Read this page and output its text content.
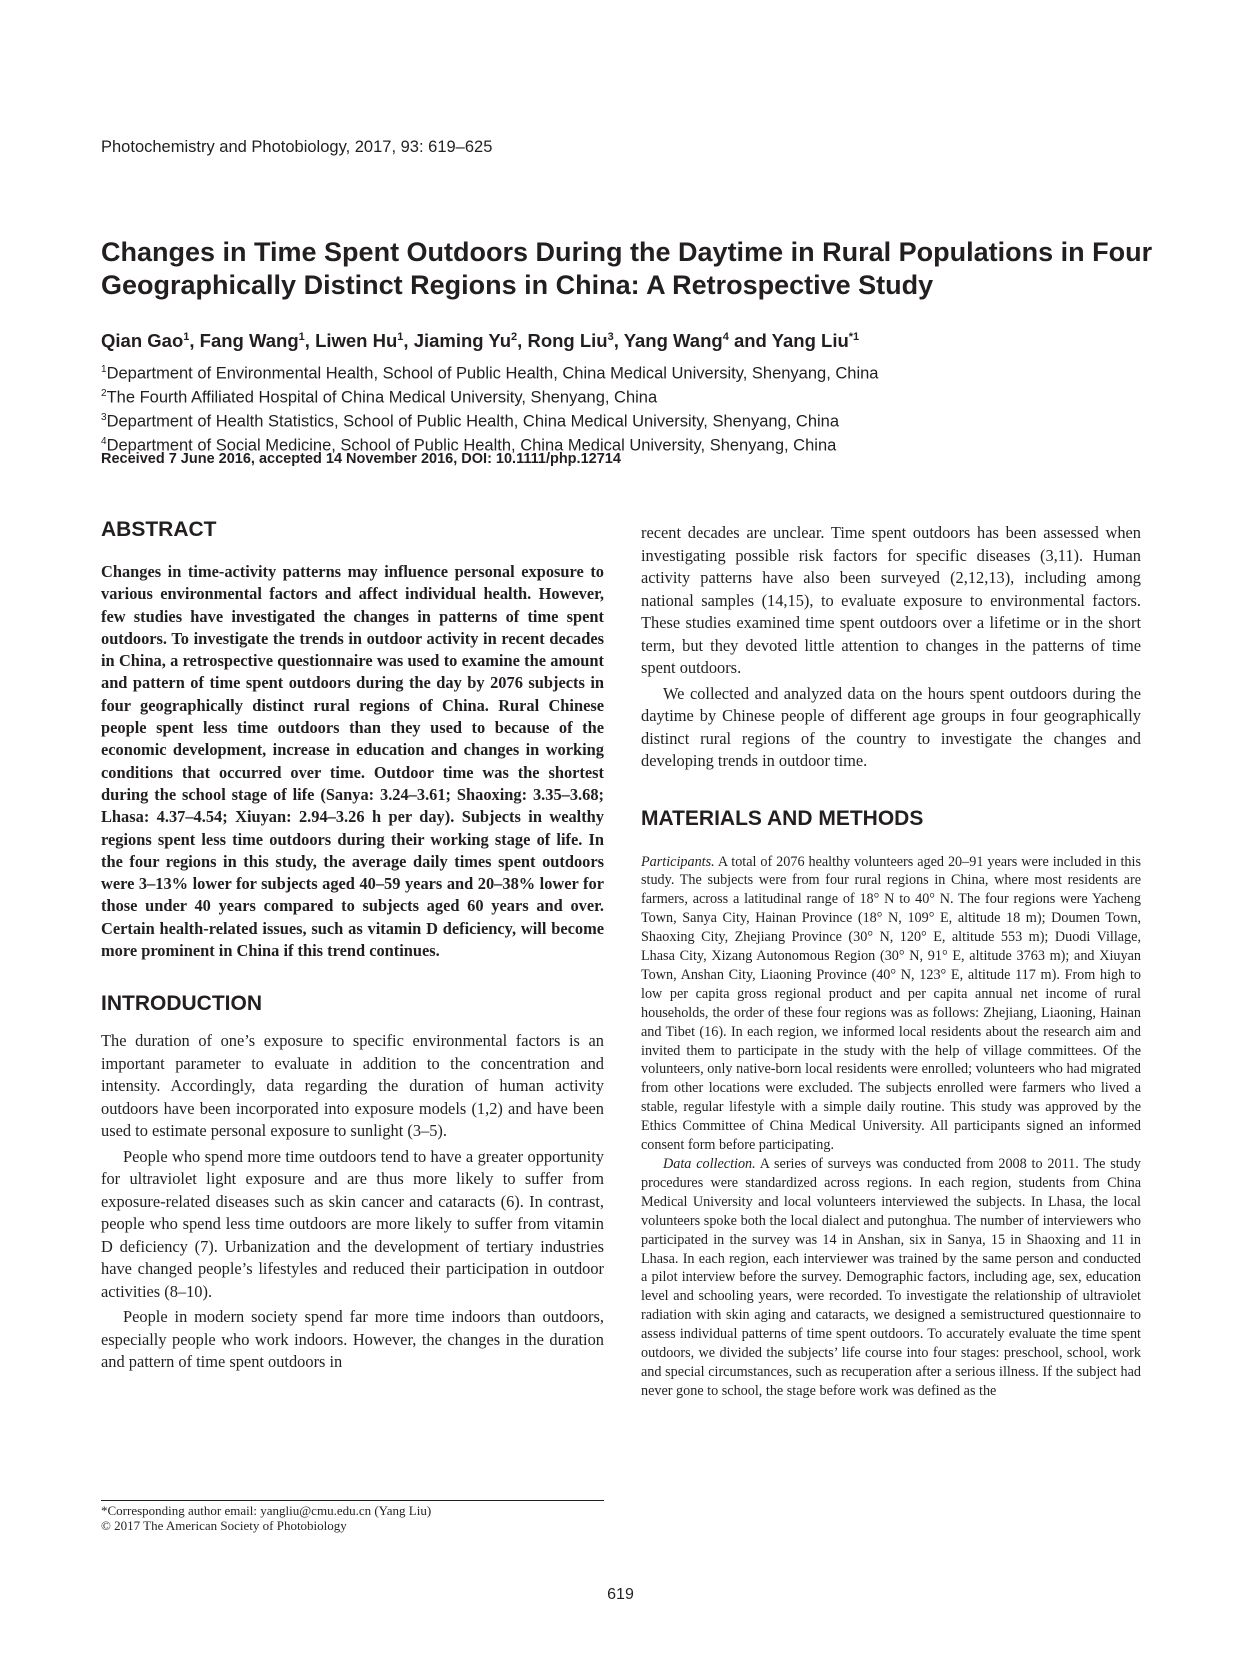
Photochemistry and Photobiology, 2017, 93: 619–625
Changes in Time Spent Outdoors During the Daytime in Rural Populations in Four Geographically Distinct Regions in China: A Retrospective Study
Qian Gao$^1$, Fang Wang$^1$, Liwen Hu$^1$, Jiaming Yu$^2$, Rong Liu$^3$, Yang Wang$^4$ and Yang Liu$^{*1}$
$^1$Department of Environmental Health, School of Public Health, China Medical University, Shenyang, China
$^2$The Fourth Affiliated Hospital of China Medical University, Shenyang, China
$^3$Department of Health Statistics, School of Public Health, China Medical University, Shenyang, China
$^4$Department of Social Medicine, School of Public Health, China Medical University, Shenyang, China
Received 7 June 2016, accepted 14 November 2016, DOI: 10.1111/php.12714
ABSTRACT

Changes in time-activity patterns may influence personal exposure to various environmental factors and affect individual health. However, few studies have investigated the changes in patterns of time spent outdoors. To investigate the trends in outdoor activity in recent decades in China, a retrospective questionnaire was used to examine the amount and pattern of time spent outdoors during the day by 2076 subjects in four geographically distinct rural regions of China. Rural Chinese people spent less time outdoors than they used to because of the economic development, increase in education and changes in working conditions that occurred over time. Outdoor time was the shortest during the school stage of life (Sanya: 3.24–3.61; Shaoxing: 3.35–3.68; Lhasa: 4.37–4.54; Xiuyan: 2.94–3.26 h per day). Subjects in wealthy regions spent less time outdoors during their working stage of life. In the four regions in this study, the average daily times spent outdoors were 3–13% lower for subjects aged 40–59 years and 20–38% lower for those under 40 years compared to subjects aged 60 years and over. Certain health-related issues, such as vitamin D deficiency, will become more prominent in China if this trend continues.

INTRODUCTION

The duration of one’s exposure to specific environmental factors is an important parameter to evaluate in addition to the concentration and intensity. Accordingly, data regarding the duration of human activity outdoors have been incorporated into exposure models (1,2) and have been used to estimate personal exposure to sunlight (3–5).

People who spend more time outdoors tend to have a greater opportunity for ultraviolet light exposure and are thus more likely to suffer from exposure-related diseases such as skin cancer and cataracts (6). In contrast, people who spend less time outdoors are more likely to suffer from vitamin D deficiency (7). Urbanization and the development of tertiary industries have changed people’s lifestyles and reduced their participation in outdoor activities (8–10).

People in modern society spend far more time indoors than outdoors, especially people who work indoors. However, the changes in the duration and pattern of time spent outdoors in

recent decades are unclear. Time spent outdoors has been assessed when investigating possible risk factors for specific diseases (3,11). Human activity patterns have also been surveyed (2,12,13), including among national samples (14,15), to evaluate exposure to environmental factors. These studies examined time spent outdoors over a lifetime or in the short term, but they devoted little attention to changes in the patterns of time spent outdoors.

We collected and analyzed data on the hours spent outdoors during the daytime by Chinese people of different age groups in four geographically distinct rural regions of the country to investigate the changes and developing trends in outdoor time.

MATERIALS AND METHODS

Participants. A total of 2076 healthy volunteers aged 20–91 years were included in this study. The subjects were from four rural regions in China, where most residents are farmers, across a latitudinal range of 18° N to 40° N. The four regions were Yacheng Town, Sanya City, Hainan Province (18° N, 109° E, altitude 18 m); Doumen Town, Shaoxing City, Zhejiang Province (30° N, 120° E, altitude 553 m); Duodi Village, Lhasa City, Xizang Autonomous Region (30° N, 91° E, altitude 3763 m); and Xiuyan Town, Anshan City, Liaoning Province (40° N, 123° E, altitude 117 m). From high to low per capita gross regional product and per capita annual net income of rural households, the order of these four regions was as follows: Zhejiang, Liaoning, Hainan and Tibet (16). In each region, we informed local residents about the research aim and invited them to participate in the study with the help of village committees. Of the volunteers, only native-born local residents were enrolled; volunteers who had migrated from other locations were excluded. The subjects enrolled were farmers who lived a stable, regular lifestyle with a simple daily routine. This study was approved by the Ethics Committee of China Medical University. All participants signed an informed consent form before participating.

Data collection. A series of surveys was conducted from 2008 to 2011. The study procedures were standardized across regions. In each region, students from China Medical University and local volunteers interviewed the subjects. In Lhasa, the local volunteers spoke both the local dialect and putonghua. The number of interviewers who participated in the survey was 14 in Anshan, six in Sanya, 15 in Shaoxing and 11 in Lhasa. In each region, each interviewer was trained by the same person and conducted a pilot interview before the survey. Demographic factors, including age, sex, education level and schooling years, were recorded. To investigate the relationship of ultraviolet radiation with skin aging and cataracts, we designed a semistructured questionnaire to assess individual patterns of time spent outdoors. To accurately evaluate the time spent outdoors, we divided the subjects’ life course into four stages: preschool, school, work and special circumstances, such as recuperation after a serious illness. If the subject had never gone to school, the stage before work was defined as the

*Corresponding author email: yangliu@cmu.edu.cn (Yang Liu)
© 2017 The American Society of Photobiology
619
